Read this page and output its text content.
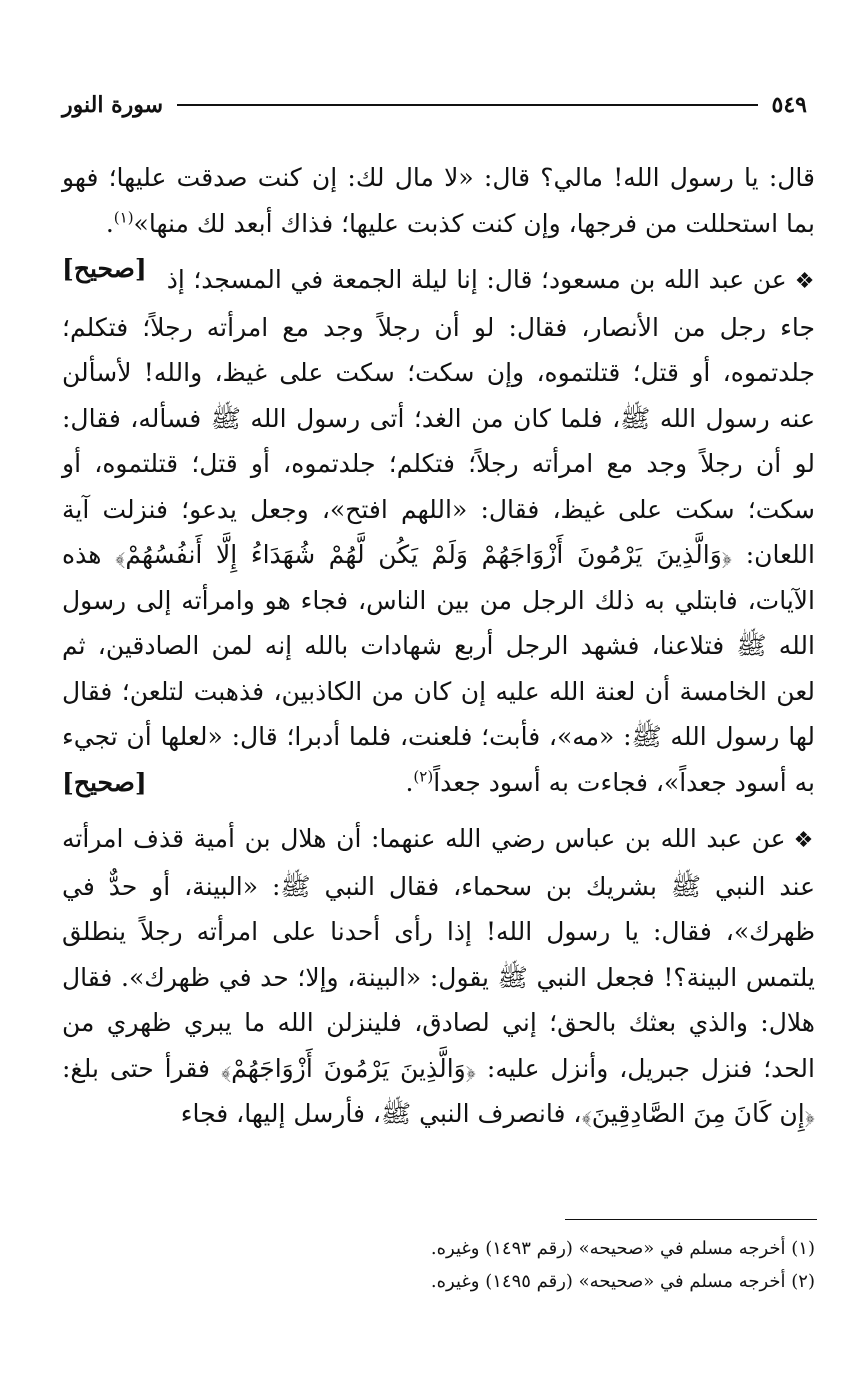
سورة النور	٥٤٩

قال: يا رسول الله! مالي؟ قال: «لا مال لك: إن كنت صدقت عليها؛ فهو بما استحللت من فرجها، وإن كنت كذبت عليها؛ فذاك أبعد لك منها»$^{(١)}$.
[صحيح]	❖عن عبد الله بن مسعود؛ قال: إنا ليلة الجمعة في المسجد؛ إذ جاء رجل من الأنصار، فقال: لو أن رجلاً وجد مع امرأته رجلاً؛ فتكلم؛ جلدتموه، أو قتل؛ قتلتموه، وإن سكت؛ سكت على غيظ، والله! لأسألن عنه رسول الله ﷺ، فلما كان من الغد؛ أتى رسول الله ﷺ فسأله، فقال: لو أن رجلاً وجد مع امرأته رجلاً؛ فتكلم؛ جلدتموه، أو قتل؛ قتلتموه، أو سكت؛ سكت على غيظ، فقال: «اللهم افتح»، وجعل يدعو؛ فنزلت آية اللعان: ﴿وَالَّذِينَ يَرْمُونَ أَزْوَاجَهُمْ وَلَمْ يَكُن لَّهُمْ شُهَدَاءُ إِلَّا أَنفُسُهُمْ﴾ هذه الآيات، فابتلي به ذلك الرجل من بين الناس، فجاء هو وامرأته إلى رسول الله ﷺ فتلاعنا، فشهد الرجل أربع شهادات بالله إنه لمن الصادقين، ثم لعن الخامسة أن لعنة الله عليه إن كان من الكاذبين، فذهبت لتلعن؛ فقال لها رسول الله ﷺ: «مه»، فأبت؛ فلعنت، فلما أدبرا؛ قال: «لعلها أن تجيء به أسود جعداً»، فجاءت به أسود جعداً$^{(٢)}$.
[صحيح]

❖عن عبد الله بن عباس رضي الله عنهما: أن هلال بن أمية قذف امرأته عند النبي ﷺ بشريك بن سحماء، فقال النبي ﷺ: «البينة، أو حدٌّ في ظهرك»، فقال: يا رسول الله! إذا رأى أحدنا على امرأته رجلاً ينطلق يلتمس البينة؟! فجعل النبي ﷺ يقول: «البينة، وإلا؛ حد في ظهرك». فقال هلال: والذي بعثك بالحق؛ إني لصادق، فلينزلن الله ما يبري ظهري من الحد؛ فنزل جبريل، وأنزل عليه: ﴿وَالَّذِينَ يَرْمُونَ أَزْوَاجَهُمْ﴾ فقرأ حتى بلغ: ﴿إِن كَانَ مِنَ الصَّادِقِينَ﴾، فانصرف النبي ﷺ، فأرسل إليها، فجاء

(١) أخرجه مسلم في «صحيحه» (رقم ١٤٩٣) وغيره.

(٢) أخرجه مسلم في «صحيحه» (رقم ١٤٩٥) وغيره.
